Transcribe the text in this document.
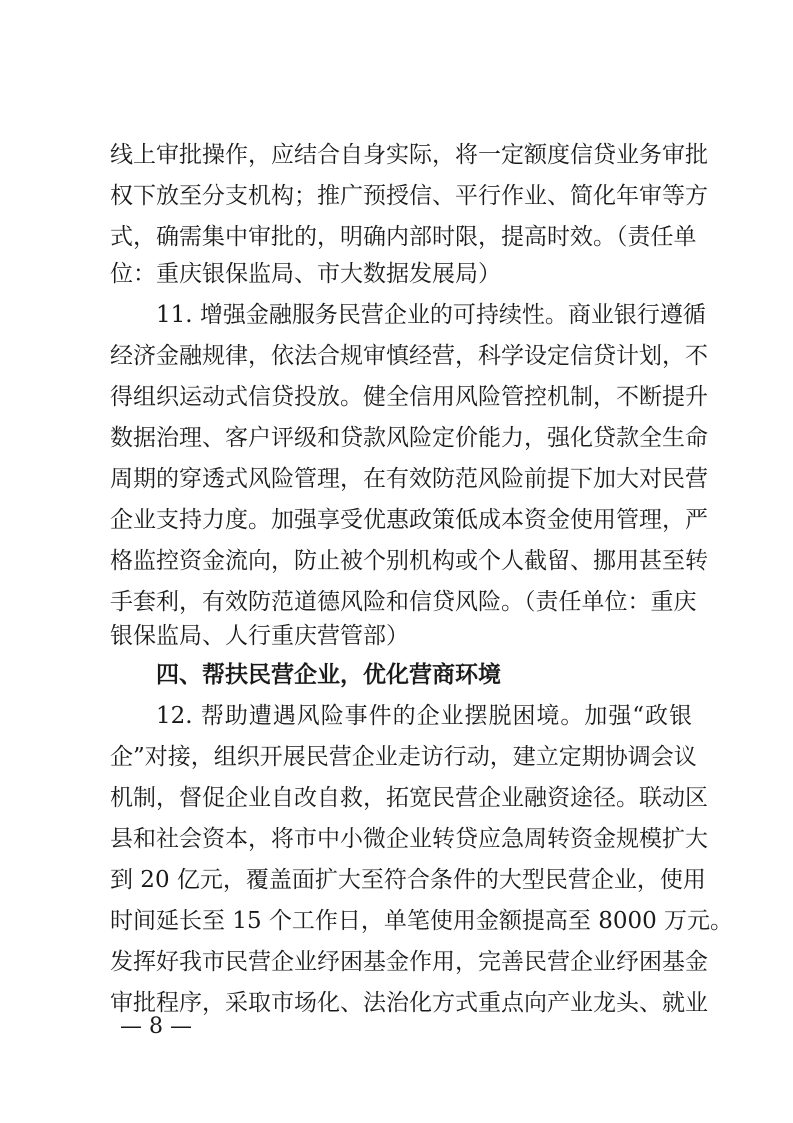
线上审批操作，应结合自身实际，将一定额度信贷业务审批
权下放至分支机构；推广预授信、平行作业、简化年审等方
式，确需集中审批的，明确内部时限，提高时效。（责任单
位：重庆银保监局、市大数据发展局）
11. 增强金融服务民营企业的可持续性。商业银行遵循
经济金融规律，依法合规审慎经营，科学设定信贷计划，不
得组织运动式信贷投放。健全信用风险管控机制，不断提升
数据治理、客户评级和贷款风险定价能力，强化贷款全生命
周期的穿透式风险管理，在有效防范风险前提下加大对民营
企业支持力度。加强享受优惠政策低成本资金使用管理，严
格监控资金流向，防止被个别机构或个人截留、挪用甚至转
手套利，有效防范道德风险和信贷风险。（责任单位：重庆
银保监局、人行重庆营管部）
四、帮扶民营企业，优化营商环境
12. 帮助遭遇风险事件的企业摆脱困境。加强“政银
企”对接，组织开展民营企业走访行动，建立定期协调会议
机制，督促企业自改自救，拓宽民营企业融资途径。联动区
县和社会资本，将市中小微企业转贷应急周转资金规模扩大
到 20 亿元，覆盖面扩大至符合条件的大型民营企业，使用
时间延长至 15 个工作日，单笔使用金额提高至 8000 万元。
发挥好我市民营企业纾困基金作用，完善民营企业纾困基金
审批程序，采取市场化、法治化方式重点向产业龙头、就业
— 8 —
